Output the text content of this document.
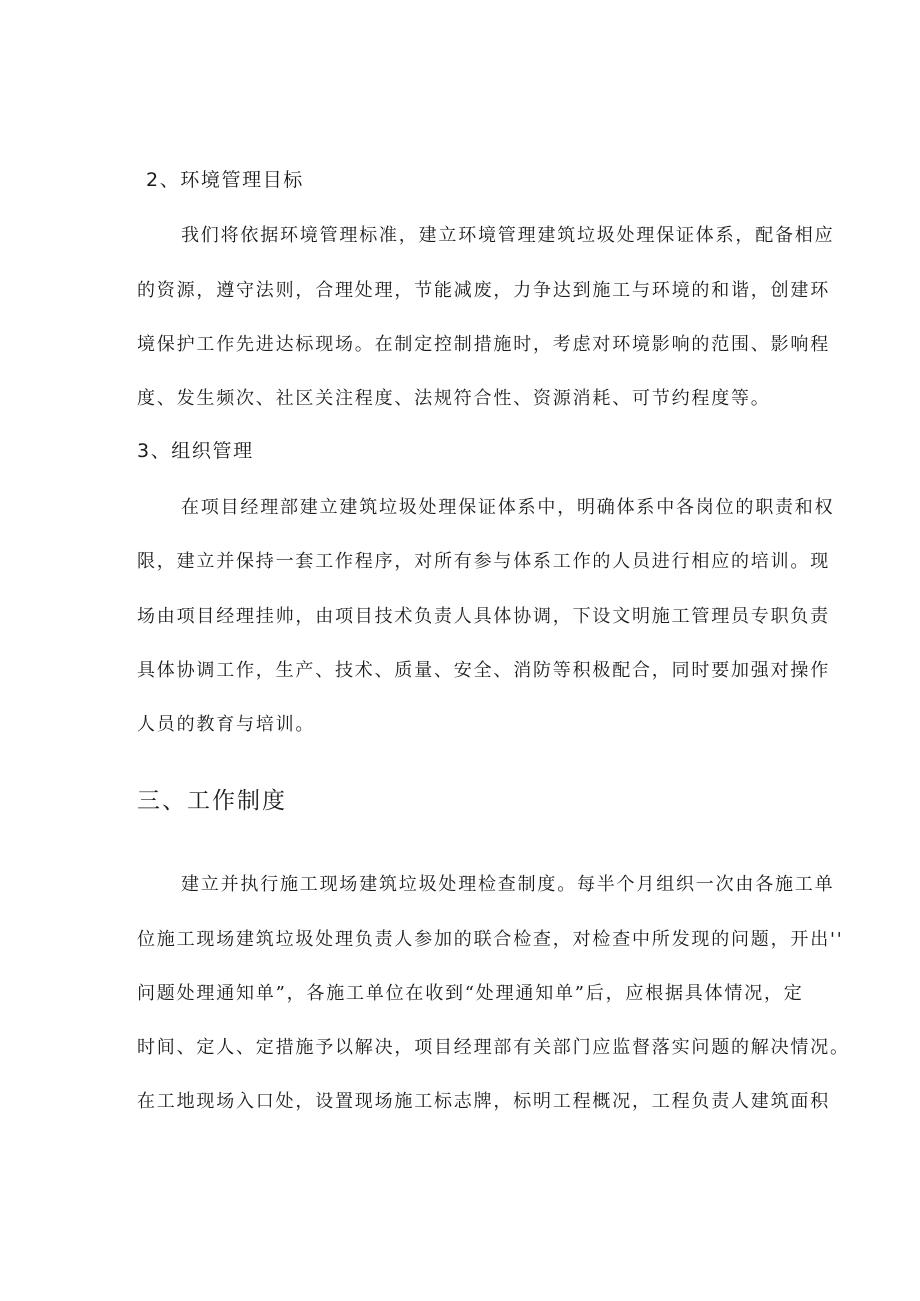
2、环境管理目标
我们将依据环境管理标准，建立环境管理建筑垃圾处理保证体系，配备相应
的资源，遵守法则，合理处理，节能减废，力争达到施工与环境的和谐，创建环
境保护工作先进达标现场。在制定控制措施时，考虑对环境影响的范围、影响程
度、发生频次、社区关注程度、法规符合性、资源消耗、可节约程度等。
3、组织管理
在项目经理部建立建筑垃圾处理保证体系中，明确体系中各岗位的职责和权
限，建立并保持一套工作程序，对所有参与体系工作的人员进行相应的培训。现
场由项目经理挂帅，由项目技术负责人具体协调，下设文明施工管理员专职负责
具体协调工作，生产、技术、质量、安全、消防等积极配合，同时要加强对操作
人员的教育与培训。
三、工作制度
建立并执行施工现场建筑垃圾处理检查制度。每半个月组织一次由各施工单
位施工现场建筑垃圾处理负责人参加的联合检查，对检查中所发现的问题，开出''
问题处理通知单”，各施工单位在收到“处理通知单”后，应根据具体情况，定
时间、定人、定措施予以解决，项目经理部有关部门应监督落实问题的解决情况。
在工地现场入口处，设置现场施工标志牌，标明工程概况，工程负责人建筑面积
